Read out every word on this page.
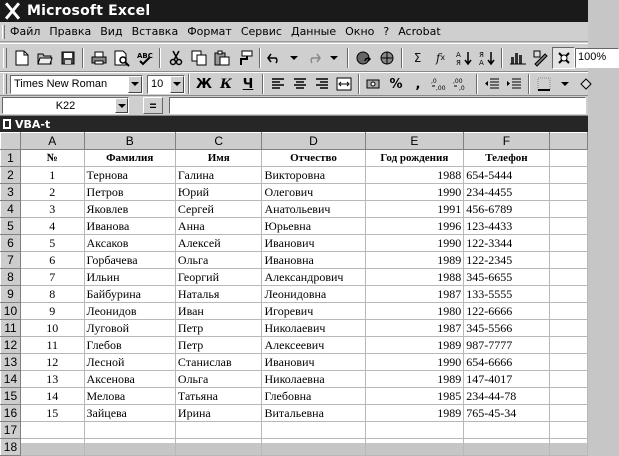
Microsoft Excel
Файл Правка Вид Вставка Формат Сервис Данные Окно ? Acrobat
ABC	Σ	f x A
Я
Я
A	100%
Times New Roman	10	Ж К Ч	%	,	,0
,00
,00
,0
K22	=
VBA-t
	A	B	C	D	E	F	
1	№	Фамилия	Имя	Отчество	Год рождения	Телефон	
2	1	Тернова	Галина	Викторовна	1988	654-5444	
3	2	Петров	Юрий	Олегович	1990	234-4455	
4	3	Яковлев	Сергей	Анатольевич	1991	456-6789	
5	4	Иванова	Анна	Юрьевна	1996	123-4433	
6	5	Аксаков	Алексей	Иванович	1990	122-3344	
7	6	Горбачева	Ольга	Ивановна	1989	122-2345	
8	7	Ильин	Георгий	Александрович	1988	345-6655	
9	8	Байбурина	Наталья	Леонидовна	1987	133-5555	
10	9	Леонидов	Иван	Игоревич	1980	122-6666	
11	10	Луговой	Петр	Николаевич	1987	345-5566	
12	11	Глебов	Петр	Алексеевич	1989	987-7777	
13	12	Лесной	Станислав	Иванович	1990	654-6666	
14	13	Аксенова	Ольга	Николаевна	1989	147-4017	
15	14	Мелова	Татьяна	Глебовна	1985	234-44-78	
16	15	Зайцева	Ирина	Витальевна	1989	765-45-34	
17							
18							
